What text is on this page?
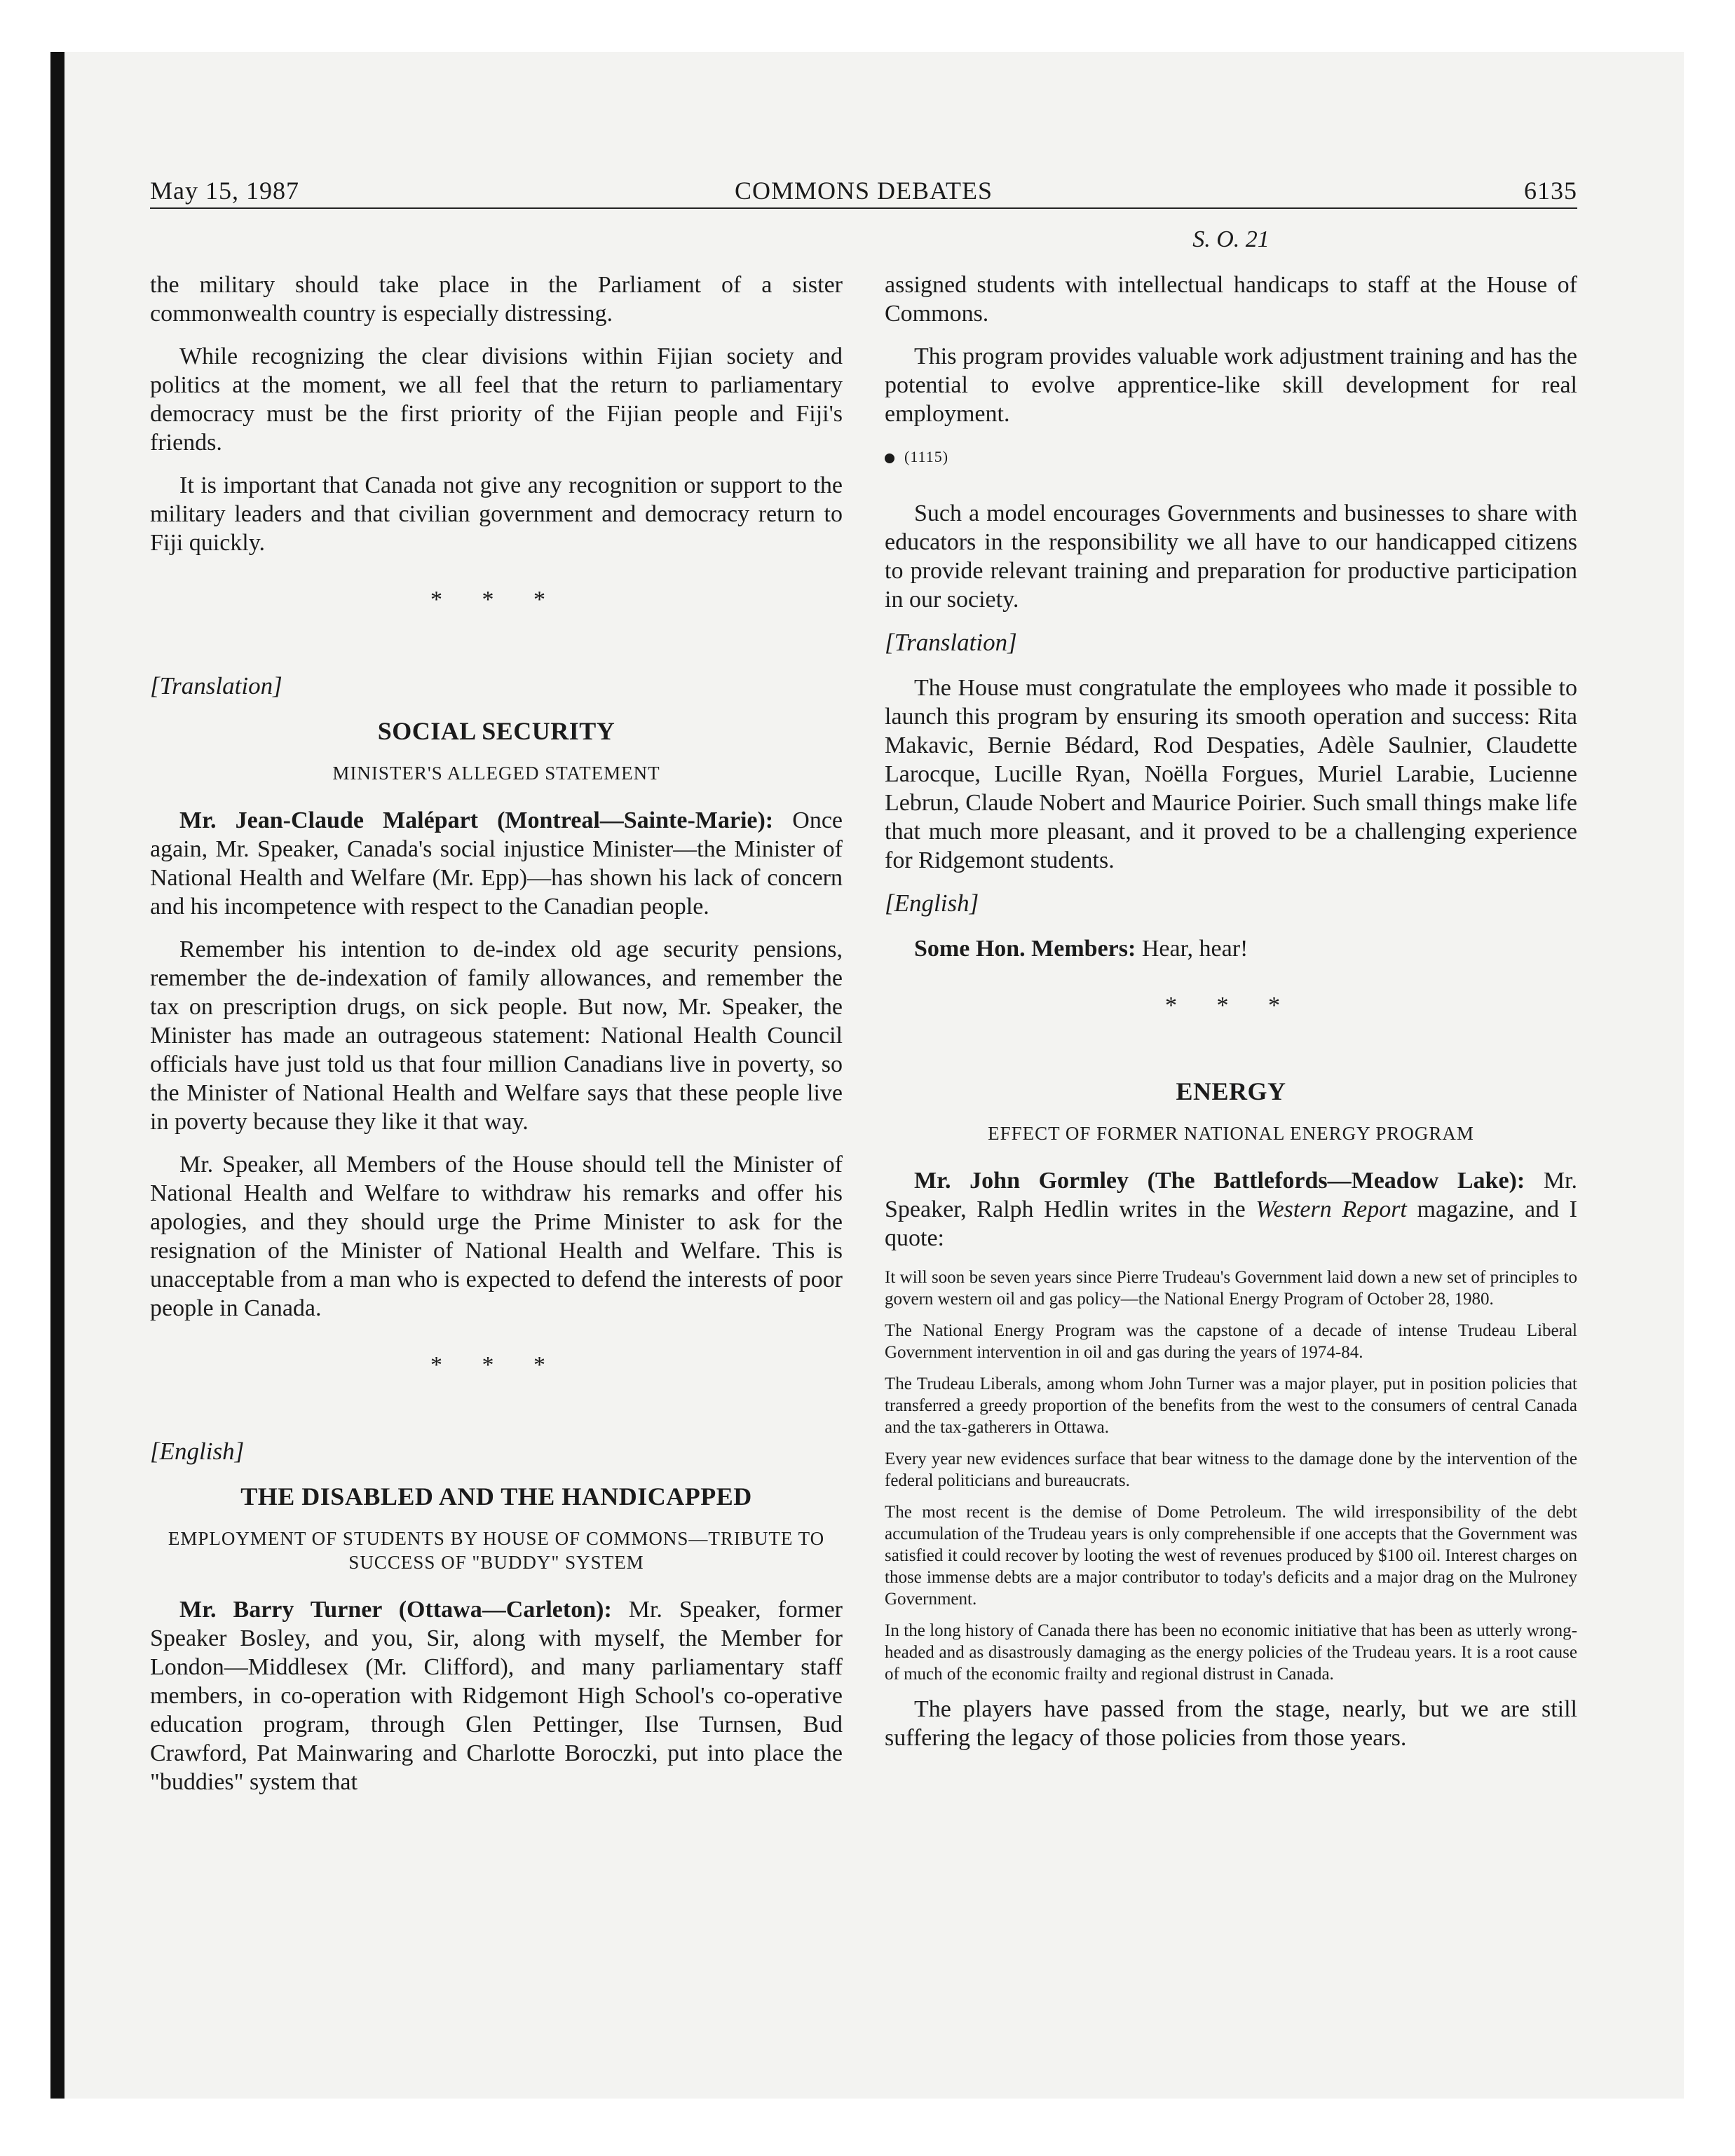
May 15, 1987	COMMONS DEBATES	6135
S. O. 21

the military should take place in the Parliament of a sister commonwealth country is especially distressing.

While recognizing the clear divisions within Fijian society and politics at the moment, we all feel that the return to parliamentary democracy must be the first priority of the Fijian people and Fiji's friends.

It is important that Canada not give any recognition or support to the military leaders and that civilian government and democracy return to Fiji quickly.

* * *
[Translation]
SOCIAL SECURITY
MINISTER'S ALLEGED STATEMENT

Mr. Jean-Claude Malépart (Montreal—Sainte-Marie): Once again, Mr. Speaker, Canada's social injustice Minister—the Minister of National Health and Welfare (Mr. Epp)—has shown his lack of concern and his incompetence with respect to the Canadian people.

Remember his intention to de-index old age security pensions, remember the de-indexation of family allowances, and remember the tax on prescription drugs, on sick people. But now, Mr. Speaker, the Minister has made an outrageous statement: National Health Council officials have just told us that four million Canadians live in poverty, so the Minister of National Health and Welfare says that these people live in poverty because they like it that way.

Mr. Speaker, all Members of the House should tell the Minister of National Health and Welfare to withdraw his remarks and offer his apologies, and they should urge the Prime Minister to ask for the resignation of the Minister of National Health and Welfare. This is unacceptable from a man who is expected to defend the interests of poor people in Canada.

* * *
[English]
THE DISABLED AND THE HANDICAPPED
EMPLOYMENT OF STUDENTS BY HOUSE OF COMMONS—TRIBUTE TO SUCCESS OF "BUDDY" SYSTEM

Mr. Barry Turner (Ottawa—Carleton): Mr. Speaker, former Speaker Bosley, and you, Sir, along with myself, the Member for London—Middlesex (Mr. Clifford), and many parliamentary staff members, in co-operation with Ridgemont High School's co-operative education program, through Glen Pettinger, Ilse Turnsen, Bud Crawford, Pat Mainwaring and Charlotte Boroczki, put into place the "buddies" system that

assigned students with intellectual handicaps to staff at the House of Commons.

This program provides valuable work adjustment training and has the potential to evolve apprentice-like skill development for real employment.

(1115)

Such a model encourages Governments and businesses to share with educators in the responsibility we all have to our handicapped citizens to provide relevant training and preparation for productive participation in our society.

[Translation]

The House must congratulate the employees who made it possible to launch this program by ensuring its smooth operation and success: Rita Makavic, Bernie Bédard, Rod Despaties, Adèle Saulnier, Claudette Larocque, Lucille Ryan, Noëlla Forgues, Muriel Larabie, Lucienne Lebrun, Claude Nobert and Maurice Poirier. Such small things make life that much more pleasant, and it proved to be a challenging experience for Ridgemont students.

[English]

Some Hon. Members: Hear, hear!

* * *
ENERGY
EFFECT OF FORMER NATIONAL ENERGY PROGRAM

Mr. John Gormley (The Battlefords—Meadow Lake): Mr. Speaker, Ralph Hedlin writes in the Western Report magazine, and I quote:

It will soon be seven years since Pierre Trudeau's Government laid down a new set of principles to govern western oil and gas policy—the National Energy Program of October 28, 1980.
The National Energy Program was the capstone of a decade of intense Trudeau Liberal Government intervention in oil and gas during the years of 1974-84.
The Trudeau Liberals, among whom John Turner was a major player, put in position policies that transferred a greedy proportion of the benefits from the west to the consumers of central Canada and the tax-gatherers in Ottawa.
Every year new evidences surface that bear witness to the damage done by the intervention of the federal politicians and bureaucrats.
The most recent is the demise of Dome Petroleum. The wild irresponsibility of the debt accumulation of the Trudeau years is only comprehensible if one accepts that the Government was satisfied it could recover by looting the west of revenues produced by $100 oil. Interest charges on those immense debts are a major contributor to today's deficits and a major drag on the Mulroney Government.
In the long history of Canada there has been no economic initiative that has been as utterly wrong-headed and as disastrously damaging as the energy policies of the Trudeau years. It is a root cause of much of the economic frailty and regional distrust in Canada.

The players have passed from the stage, nearly, but we are still suffering the legacy of those policies from those years.
